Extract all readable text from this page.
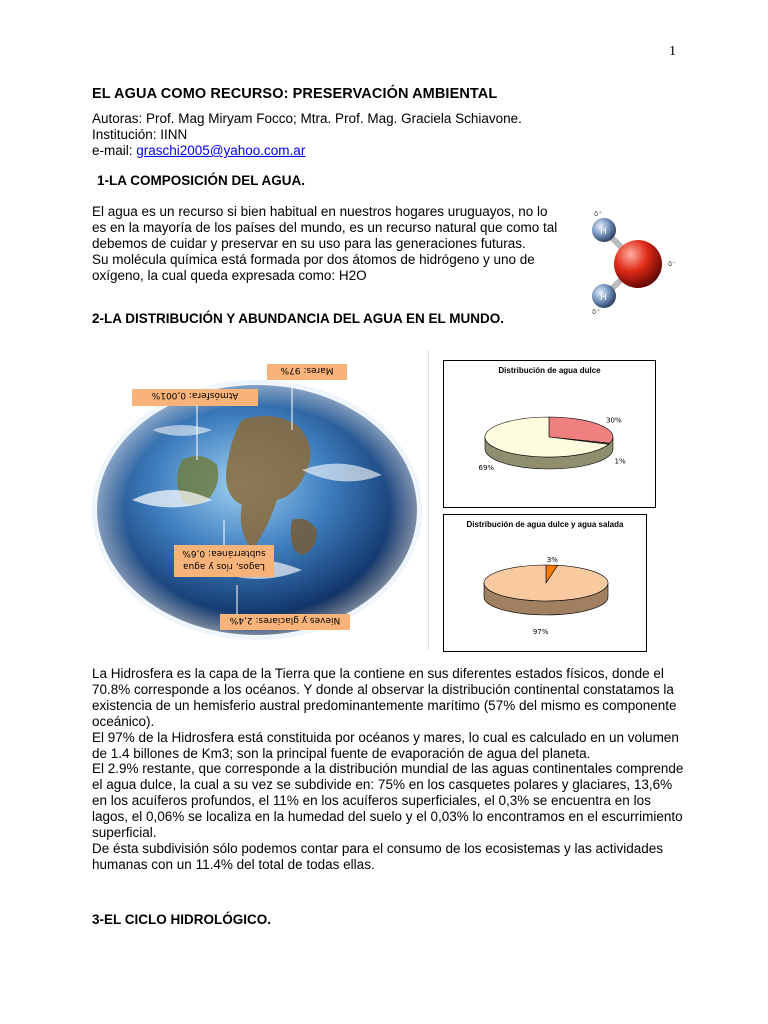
1
EL AGUA COMO RECURSO: PRESERVACIÓN AMBIENTAL
Autoras: Prof. Mag Miryam Focco; Mtra. Prof. Mag. Graciela Schiavone.
Institución: IINN
e-mail: graschi2005@yahoo.com.ar
1-LA COMPOSICIÓN DEL AGUA.
El agua es un recurso si bien habitual en nuestros hogares uruguayos, no lo es en la mayoría de los países del mundo, es un recurso natural que como tal debemos de cuidar y preservar en su uso para las generaciones futuras.
Su molécula química está formada por dos átomos de hidrógeno y uno de oxígeno, la cual queda expresada como: H2O
H
H
δ⁺
δ⁺
δ⁻
2-LA DISTRIBUCIÓN Y ABUNDANCIA DEL AGUA EN EL MUNDO.
Mares: 97%
Atmósfera: 0,001%
Lagos, ríos y agua
subterránea: 0,6%
Nieves y glaciares: 2,4%
Distribución de agua dulce
69%
30%
1%
Distribución de agua dulce y agua salada
97%
3%
La Hidrosfera es la capa de la Tierra que la contiene en sus diferentes estados físicos, donde el 70.8% corresponde a los océanos. Y donde al observar la distribución continental constatamos la existencia de un hemisferio austral predominantemente marítimo (57% del mismo es componente oceánico).
El 97% de la Hidrosfera está constituida por océanos y mares, lo cual es calculado en un volumen de 1.4 billones de Km3; son la principal fuente de evaporación de agua del planeta.
El 2.9% restante, que corresponde a la distribución mundial de las aguas continentales comprende el agua dulce, la cual a su vez se subdivide en: 75% en los casquetes polares y glaciares, 13,6% en los acuíferos profundos, el 11% en los acuíferos superficiales, el 0,3% se encuentra en los lagos, el 0,06% se localiza en la humedad del suelo y el 0,03% lo encontramos en el escurrimiento superficial.
De ésta subdivisión sólo podemos contar para el consumo de los ecosistemas y las actividades humanas con un 11.4% del total de todas ellas.
3-EL CICLO HIDROLÓGICO.
